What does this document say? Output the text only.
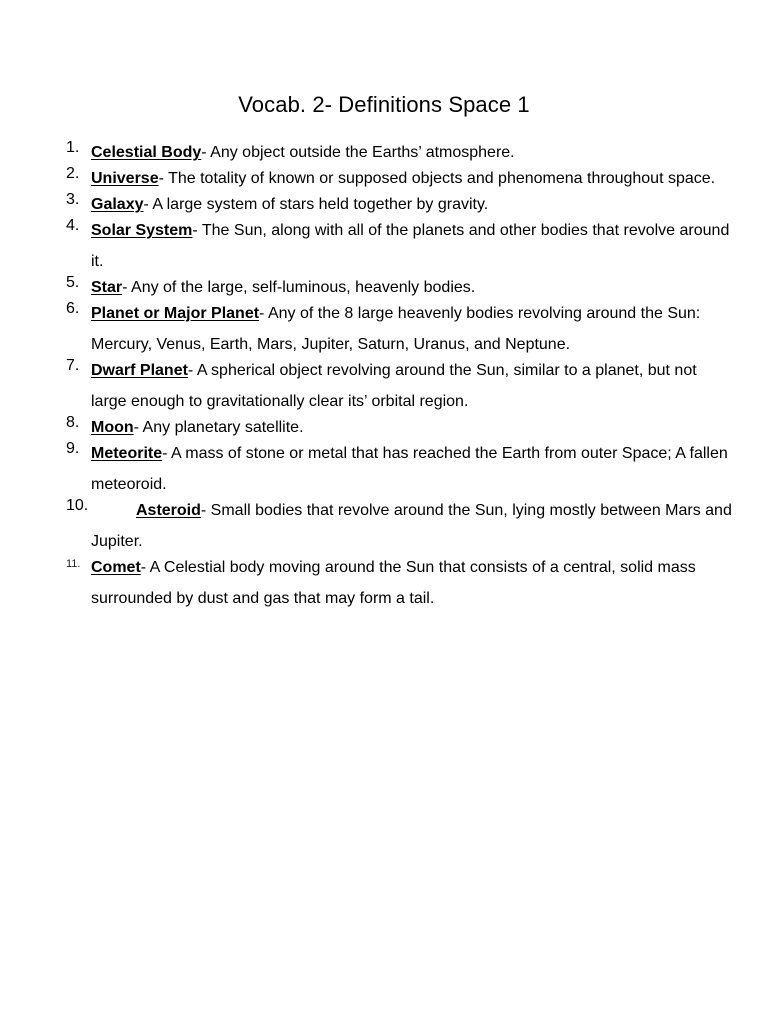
Vocab. 2- Definitions Space 1
1. Celestial Body- Any object outside the Earths’ atmosphere.
2. Universe- The totality of known or supposed objects and phenomena throughout space.
3. Galaxy- A large system of stars held together by gravity.
4. Solar System- The Sun, along with all of the planets and other bodies that revolve around it.
5. Star- Any of the large, self-luminous, heavenly bodies.
6. Planet or Major Planet- Any of the 8 large heavenly bodies revolving around the Sun: Mercury, Venus, Earth, Mars, Jupiter, Saturn, Uranus, and Neptune.
7. Dwarf Planet- A spherical object revolving around the Sun, similar to a planet, but not large enough to gravitationally clear its’ orbital region.
8. Moon- Any planetary satellite.
9. Meteorite- A mass of stone or metal that has reached the Earth from outer Space; A fallen meteoroid.
10.	Asteroid- Small bodies that revolve around the Sun, lying mostly between Mars and Jupiter.
11. Comet- A Celestial body moving around the Sun that consists of a central, solid mass surrounded by dust and gas that may form a tail.
